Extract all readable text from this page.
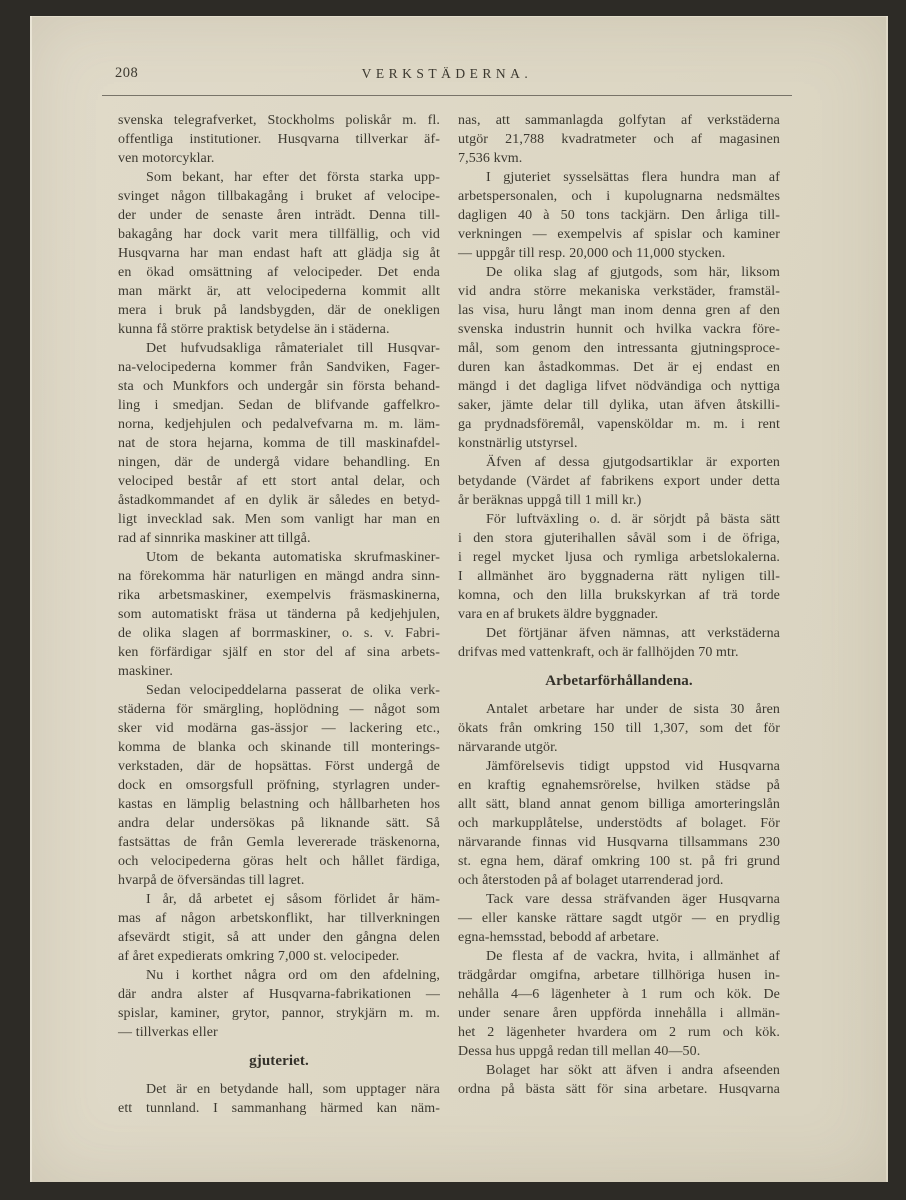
208	VERKSTÄDERNA.
svenska telegrafverket, Stockholms poliskår m. fl.
offentliga institutioner. Husqvarna tillverkar äf-
ven motorcyklar.
Som bekant, har efter det första starka upp-
svinget någon tillbakagång i bruket af velocipe-
der under de senaste åren inträdt. Denna till-
bakagång har dock varit mera tillfällig, och vid
Husqvarna har man endast haft att glädja sig åt
en ökad omsättning af velocipeder. Det enda
man märkt är, att velocipederna kommit allt
mera i bruk på landsbygden, där de onekligen
kunna få större praktisk betydelse än i städerna.
Det hufvudsakliga råmaterialet till Husqvar-
na-velocipederna kommer från Sandviken, Fager-
sta och Munkfors och undergår sin första behand-
ling i smedjan. Sedan de blifvande gaffelkro-
norna, kedjehjulen och pedalvefvarna m. m. läm-
nat de stora hejarna, komma de till maskinafdel-
ningen, där de undergå vidare behandling. En
velociped består af ett stort antal delar, och
åstadkommandet af en dylik är således en betyd-
ligt invecklad sak. Men som vanligt har man en
rad af sinnrika maskiner att tillgå.
Utom de bekanta automatiska skrufmaskiner-
na förekomma här naturligen en mängd andra sinn-
rika arbetsmaskiner, exempelvis fräsmaskinerna,
som automatiskt fräsa ut tänderna på kedjehjulen,
de olika slagen af borrmaskiner, o. s. v. Fabri-
ken förfärdigar själf en stor del af sina arbets-
maskiner.
Sedan velocipeddelarna passerat de olika verk-
städerna för smärgling, hoplödning — något som
sker vid modärna gas-ässjor — lackering etc.,
komma de blanka och skinande till monterings-
verkstaden, där de hopsättas. Först undergå de
dock en omsorgsfull pröfning, styrlagren under-
kastas en lämplig belastning och hållbarheten hos
andra delar undersökas på liknande sätt. Så
fastsättas de från Gemla levererade träskenorna,
och velocipederna göras helt och hållet färdiga,
hvarpå de öfversändas till lagret.
I år, då arbetet ej såsom förlidet år häm-
mas af någon arbetskonflikt, har tillverkningen
afsevärdt stigit, så att under den gångna delen
af året expedierats omkring 7,000 st. velocipeder.
Nu i korthet några ord om den afdelning,
där andra alster af Husqvarna-fabrikationen —
spislar, kaminer, grytor, pannor, strykjärn m. m.
— tillverkas eller
gjuteriet.
Det är en betydande hall, som upptager nära
ett tunnland. I sammanhang härmed kan näm-
nas, att sammanlagda golfytan af verkstäderna
utgör 21,788 kvadratmeter och af magasinen
7,536 kvm.
I gjuteriet sysselsättas flera hundra man af
arbetspersonalen, och i kupolugnarna nedsmältes
dagligen 40 à 50 tons tackjärn. Den årliga till-
verkningen — exempelvis af spislar och kaminer
— uppgår till resp. 20,000 och 11,000 stycken.
De olika slag af gjutgods, som här, liksom
vid andra större mekaniska verkstäder, framstäl-
las visa, huru långt man inom denna gren af den
svenska industrin hunnit och hvilka vackra före-
mål, som genom den intressanta gjutningsproce-
duren kan åstadkommas. Det är ej endast en
mängd i det dagliga lifvet nödvändiga och nyttiga
saker, jämte delar till dylika, utan äfven åtskilli-
ga prydnadsföremål, vapensköldar m. m. i rent
konstnärlig utstyrsel.
Äfven af dessa gjutgodsartiklar är exporten
betydande (Värdet af fabrikens export under detta
år beräknas uppgå till 1 mill kr.)
För luftväxling o. d. är sörjdt på bästa sätt
i den stora gjuterihallen såväl som i de öfriga,
i regel mycket ljusa och rymliga arbetslokalerna.
I allmänhet äro byggnaderna rätt nyligen till-
komna, och den lilla brukskyrkan af trä torde
vara en af brukets äldre byggnader.
Det förtjänar äfven nämnas, att verkstäderna
drifvas med vattenkraft, och är fallhöjden 70 mtr.
Arbetarförhållandena.
Antalet arbetare har under de sista 30 åren
ökats från omkring 150 till 1,307, som det för
närvarande utgör.
Jämförelsevis tidigt uppstod vid Husqvarna
en kraftig egnahemsrörelse, hvilken städse på
allt sätt, bland annat genom billiga amorteringslån
och markupplåtelse, understödts af bolaget. För
närvarande finnas vid Husqvarna tillsammans 230
st. egna hem, däraf omkring 100 st. på fri grund
och återstoden på af bolaget utarrenderad jord.
Tack vare dessa sträfvanden äger Husqvarna
— eller kanske rättare sagdt utgör — en prydlig
egna-hemsstad, bebodd af arbetare.
De flesta af de vackra, hvita, i allmänhet af
trädgårdar omgifna, arbetare tillhöriga husen in-
nehålla 4—6 lägenheter à 1 rum och kök. De
under senare åren uppförda innehålla i allmän-
het 2 lägenheter hvardera om 2 rum och kök.
Dessa hus uppgå redan till mellan 40—50.
Bolaget har sökt att äfven i andra afseenden
ordna på bästa sätt för sina arbetare. Husqvarna
